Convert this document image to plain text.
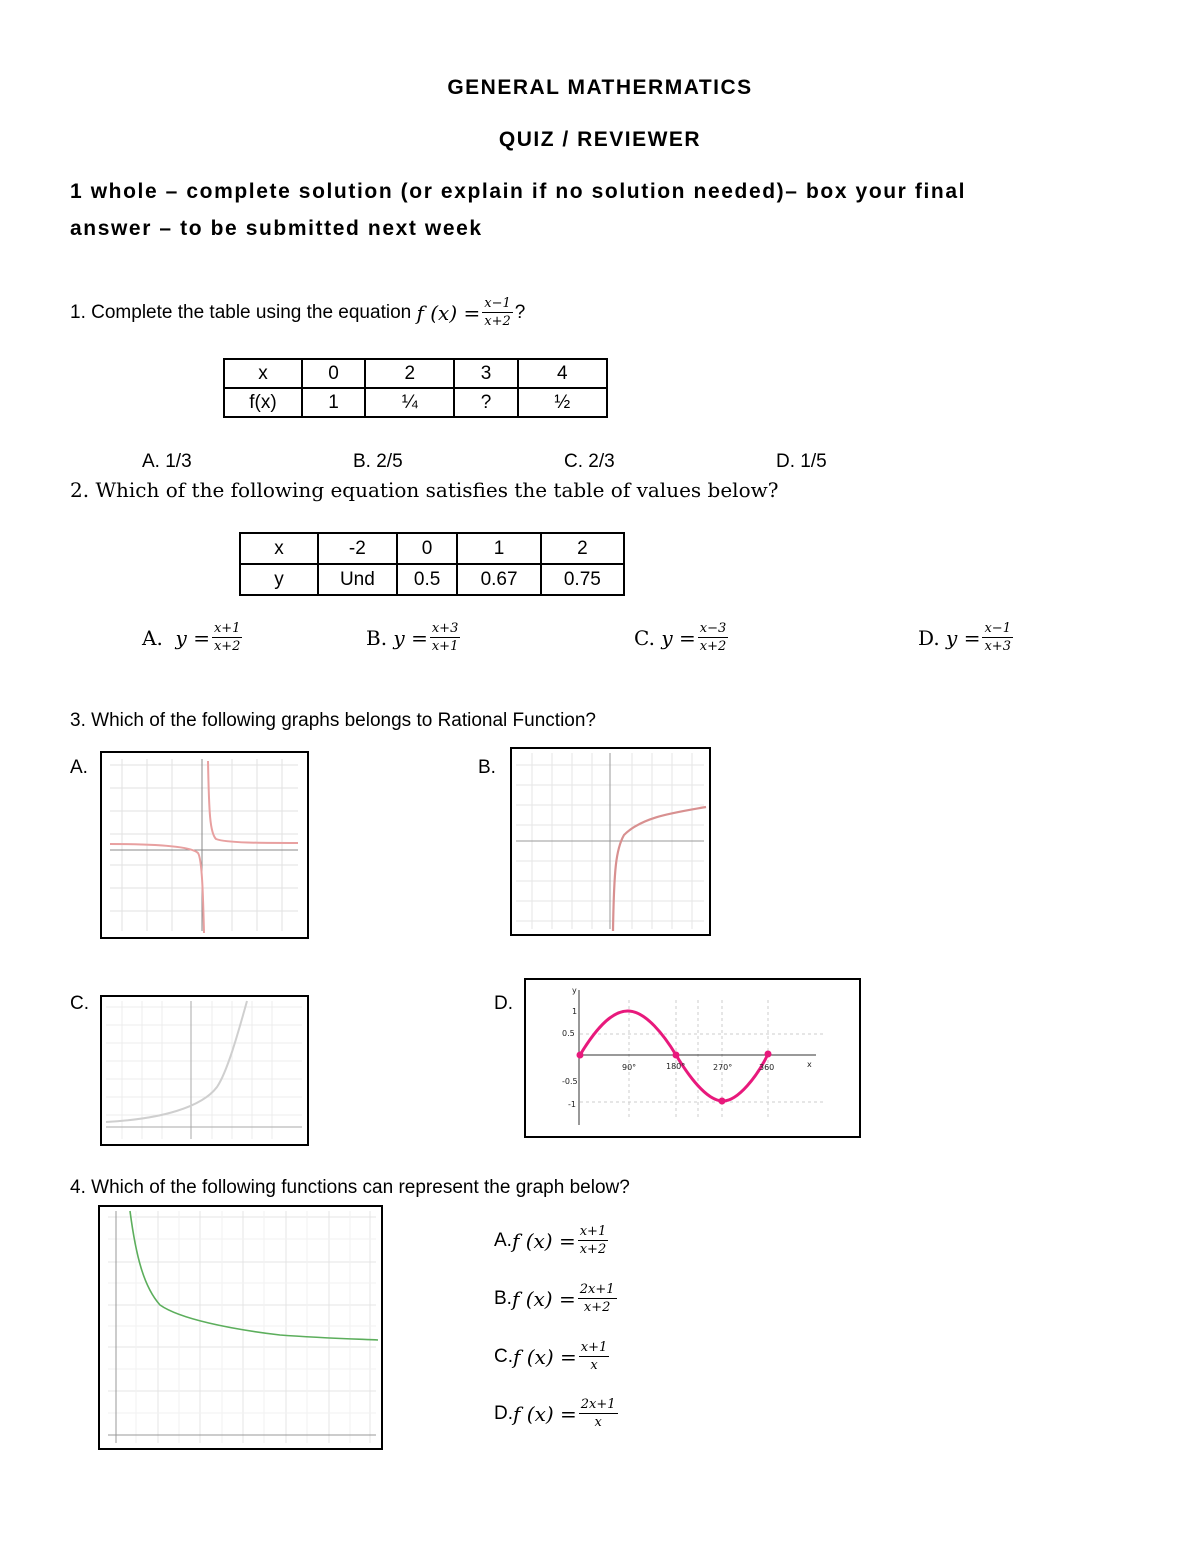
GENERAL MATHERMATICS
QUIZ / REVIEWER
1 whole – complete solution (or explain if no solution needed)– box your final
answer – to be submitted next week
1.
Complete the table using the equation
f $(x) = \frac{x-1}{x+2}$ ?
x	0	2	3	4
f(x)	1	¼	?	½
A. 1/3	B. 2/5	C. 2/3	D. 1/5
2. Which of the following equation satisfies the table of values below?
x	-2	0	1	2
y	Und	0.5	0.67	0.75
A.
$y = \frac{x+1}{x+2}$	B.
$y = \frac{x+3}{x+1}$	C.
$y = \frac{x-3}{x+2}$	D.
$y = \frac{x-1}{x+3}$
3. Which of the following graphs belongs to Rational Function?
A.	B.
C.	D.
y
1
0.5
-0.5
-1
90°	180°	270°	360	x
4. Which of the following functions can represent the graph below?
A. f $(x) = \frac{x+1}{x+2}$
B. f $(x) = \frac{2x+1}{x+2}$
C. f $(x) = \frac{x+1}{x}$
D. f $(x) = \frac{2x+1}{x}$
